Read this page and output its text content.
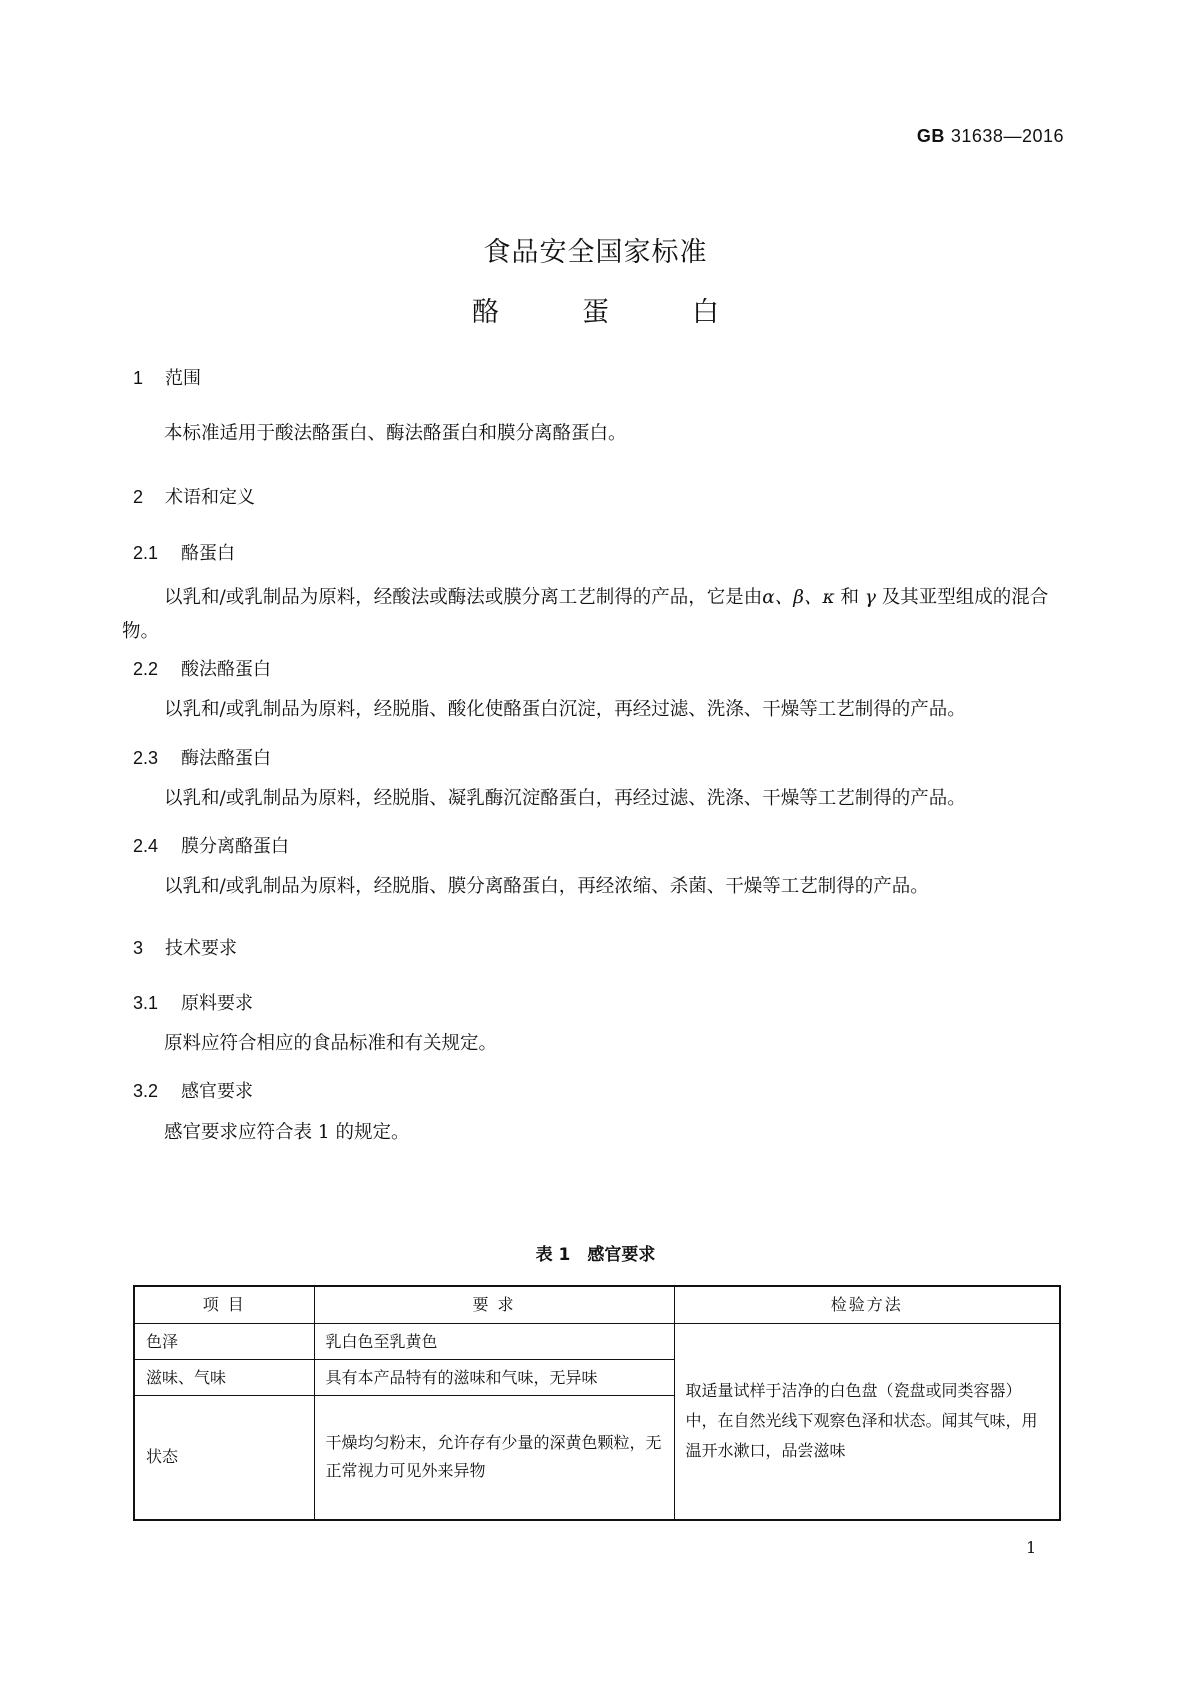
GB 31638—2016
食品安全国家标准
酪	蛋	白
1 范围
本标准适用于酸法酪蛋白、酶法酪蛋白和膜分离酪蛋白。
2 术语和定义
2.1 酪蛋白
以乳和/或乳制品为原料，经酸法或酶法或膜分离工艺制得的产品，它是由α、β、κ 和 γ 及其亚型组成的混合物。
2.2 酸法酪蛋白
以乳和/或乳制品为原料，经脱脂、酸化使酪蛋白沉淀，再经过滤、洗涤、干燥等工艺制得的产品。
2.3 酶法酪蛋白
以乳和/或乳制品为原料，经脱脂、凝乳酶沉淀酪蛋白，再经过滤、洗涤、干燥等工艺制得的产品。
2.4 膜分离酪蛋白
以乳和/或乳制品为原料，经脱脂、膜分离酪蛋白，再经浓缩、杀菌、干燥等工艺制得的产品。
3 技术要求
3.1 原料要求
原料应符合相应的食品标准和有关规定。
3.2 感官要求
感官要求应符合表 1 的规定。
表 1　感官要求
项 目	要 求	检验方法
色泽	乳白色至乳黄色	取适量试样于洁净的白色盘（瓷盘或同类容器）中，在自然光线下观察色泽和状态。闻其气味，用温开水漱口，品尝滋味
滋味、气味	具有本产品特有的滋味和气味，无异味	
状态	干燥均匀粉末，允许存有少量的深黄色颗粒，无正常视力可见外来异物	
1
